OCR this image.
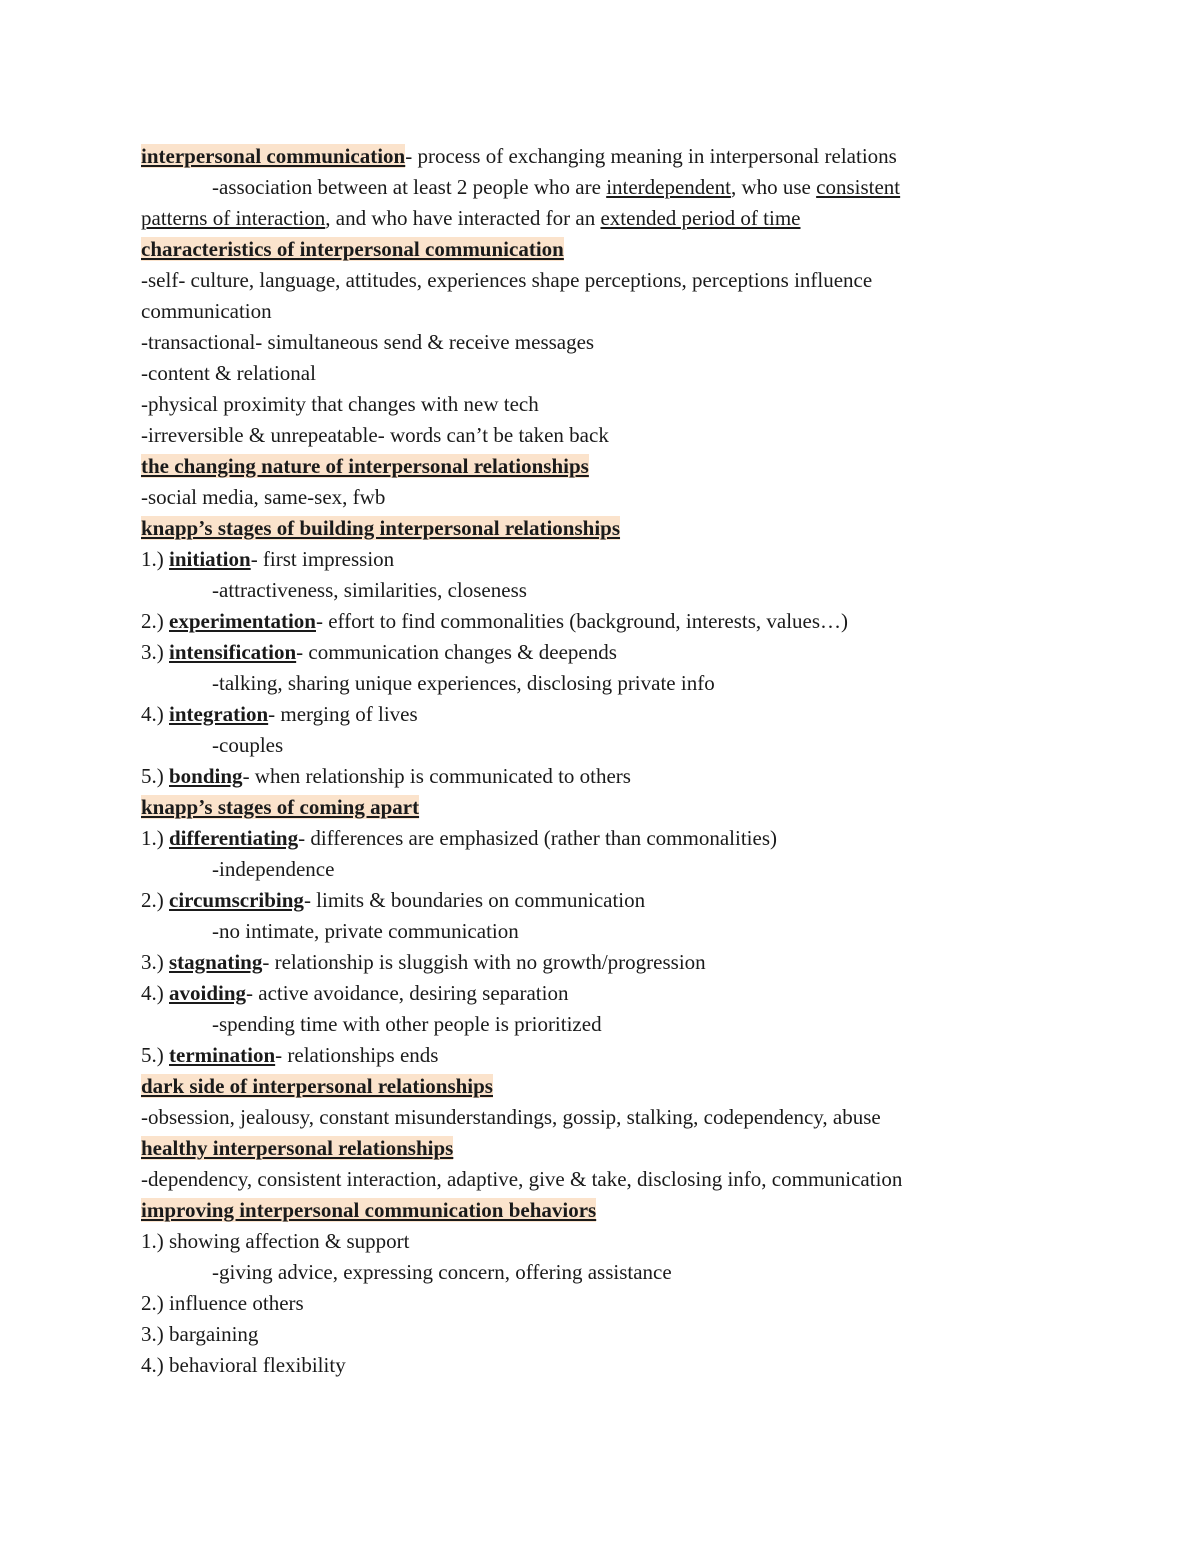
interpersonal communication- process of exchanging meaning in interpersonal relations
-association between at least 2 people who are interdependent, who use consistent
patterns of interaction, and who have interacted for an extended period of time
characteristics of interpersonal communication
-self- culture, language, attitudes, experiences shape perceptions, perceptions influence
communication
-transactional- simultaneous send & receive messages
-content & relational
-physical proximity that changes with new tech
-irreversible & unrepeatable- words can’t be taken back
the changing nature of interpersonal relationships
-social media, same-sex, fwb
knapp’s stages of building interpersonal relationships
1.) initiation- first impression
-attractiveness, similarities, closeness
2.) experimentation- effort to find commonalities (background, interests, values…)
3.) intensification- communication changes & deepends
-talking, sharing unique experiences, disclosing private info
4.) integration- merging of lives
-couples
5.) bonding- when relationship is communicated to others
knapp’s stages of coming apart
1.) differentiating- differences are emphasized (rather than commonalities)
-independence
2.) circumscribing- limits & boundaries on communication
-no intimate, private communication
3.) stagnating- relationship is sluggish with no growth/progression
4.) avoiding- active avoidance, desiring separation
-spending time with other people is prioritized
5.) termination- relationships ends
dark side of interpersonal relationships
-obsession, jealousy, constant misunderstandings, gossip, stalking, codependency, abuse
healthy interpersonal relationships
-dependency, consistent interaction, adaptive, give & take, disclosing info, communication
improving interpersonal communication behaviors
1.) showing affection & support
-giving advice, expressing concern, offering assistance
2.) influence others
3.) bargaining
4.) behavioral flexibility
